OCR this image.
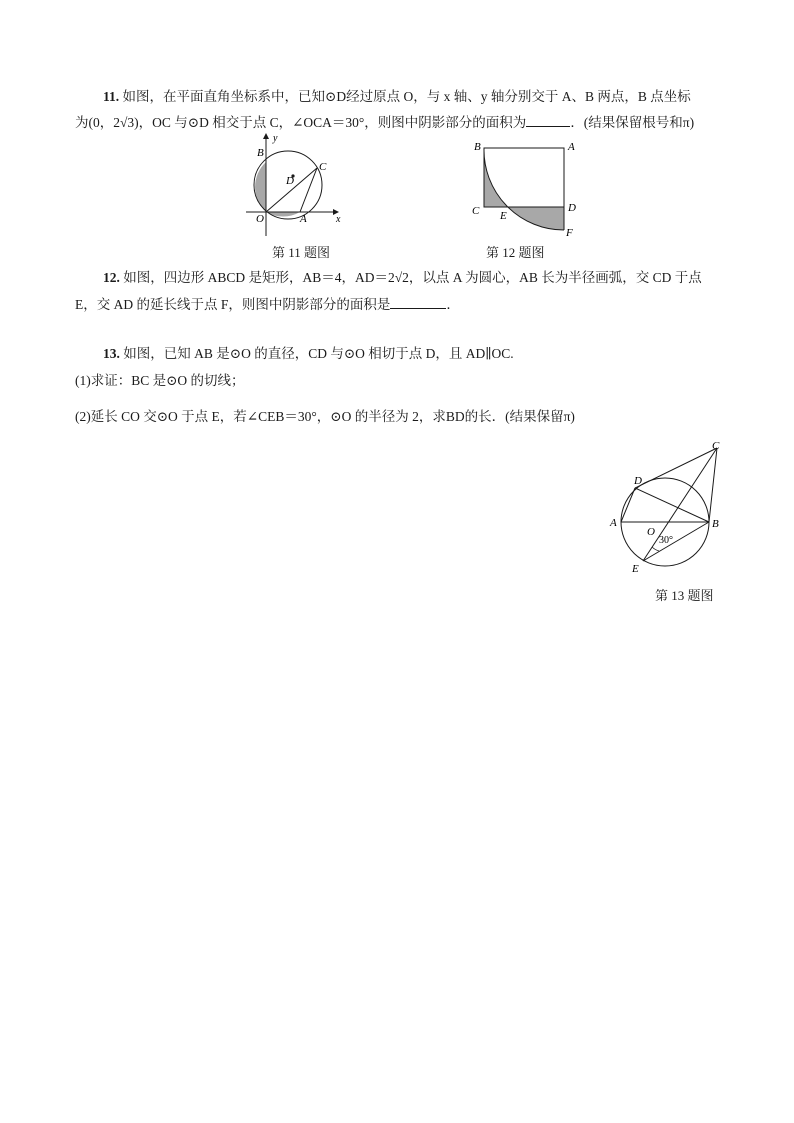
11. 如图，在平面直角坐标系中，已知⊙D经过原点 O，与 x 轴、y 轴分别交于 A、B 两点，B 点坐标
为(0，2√3)，OC 与⊙D 相交于点 C，∠OCA＝30°，则图中阴影部分的面积为	．(结果保留根号和π)
B
y
C
D
O	A	x
第 11 题图
B	A
C E
D
F
第 12 题图
12. 如图，四边形 ABCD 是矩形，AB＝4，AD＝2√2，以点 A 为圆心，AB 长为半径画弧，交 CD 于点
E，交 AD 的延长线于点 F，则图中阴影部分的面积是	．
13. 如图，已知 AB 是⊙O 的直径，CD 与⊙O 相切于点 D，且 AD∥OC.
(1)求证：BC 是⊙O 的切线；
(2)延长 CO 交⊙O 于点 E，若∠CEB＝30°，⊙O 的半径为 2，求BD的长．(结果保留π)
C
D
A
O
B
E
30°
第 13 题图
